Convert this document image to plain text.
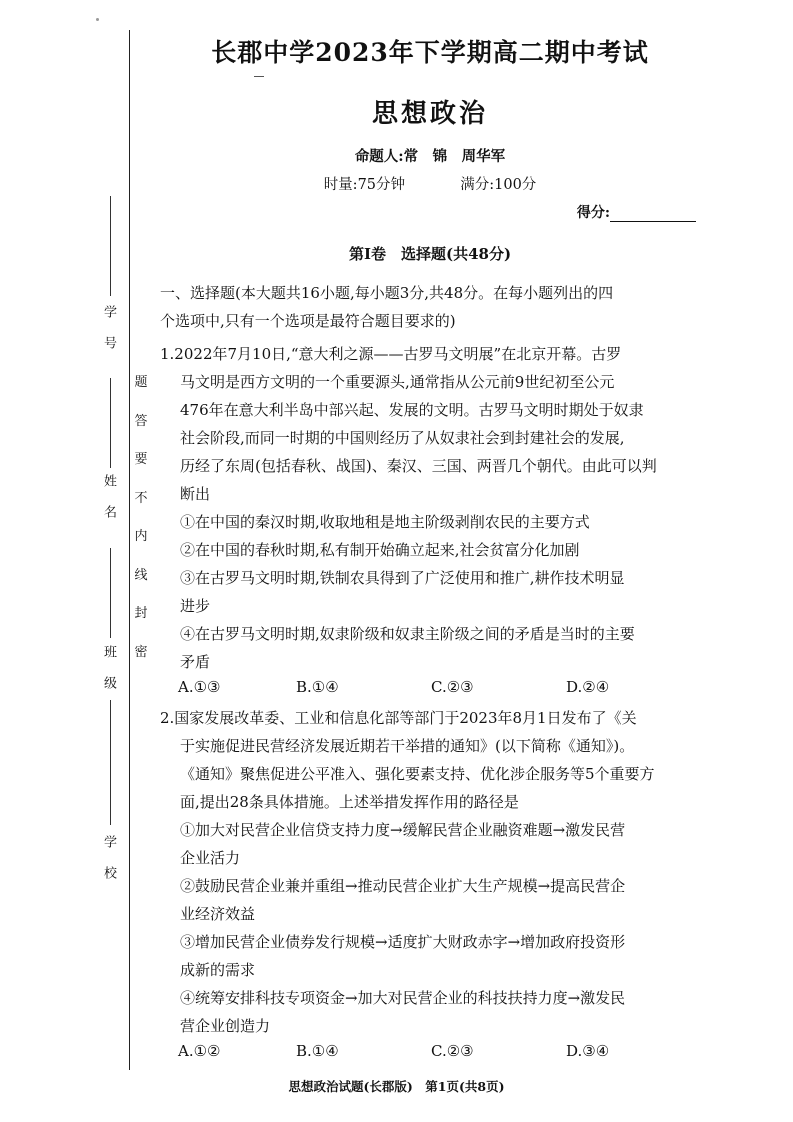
学号
姓名
班级
学校
题
答
要
不
内
线
封
密
长郡中学2023年下学期高二期中考试
思想政治
命题人:常　锦　周华军
时量:75分钟	满分:100分
得分:
第Ⅰ卷　选择题(共48分)

一、选择题(本大题共16小题,每小题3分,共48分。在每小题列出的四

个选项中,只有一个选项是最符合题目要求的)

1.2022年7月10日,“意大利之源——古罗马文明展”在北京开幕。古罗

马文明是西方文明的一个重要源头,通常指从公元前9世纪初至公元

476年在意大利半岛中部兴起、发展的文明。古罗马文明时期处于奴隶

社会阶段,而同一时期的中国则经历了从奴隶社会到封建社会的发展,

历经了东周(包括春秋、战国)、秦汉、三国、两晋几个朝代。由此可以判

断出

①在中国的秦汉时期,收取地租是地主阶级剥削农民的主要方式

②在中国的春秋时期,私有制开始确立起来,社会贫富分化加剧

③在古罗马文明时期,铁制农具得到了广泛使用和推广,耕作技术明显

进步

④在古罗马文明时期,奴隶阶级和奴隶主阶级之间的矛盾是当时的主要

矛盾

A.①③	B.①④	C.②③	D.②④

2.国家发展改革委、工业和信息化部等部门于2023年8月1日发布了《关

于实施促进民营经济发展近期若干举措的通知》(以下简称《通知》)。

《通知》聚焦促进公平准入、强化要素支持、优化涉企服务等5个重要方

面,提出28条具体措施。上述举措发挥作用的路径是

①加大对民营企业信贷支持力度→缓解民营企业融资难题→激发民营

企业活力

②鼓励民营企业兼并重组→推动民营企业扩大生产规模→提高民营企

业经济效益

③增加民营企业债券发行规模→适度扩大财政赤字→增加政府投资形

成新的需求

④统筹安排科技专项资金→加大对民营企业的科技扶持力度→激发民

营企业创造力

A.①②	B.①④	C.②③	D.③④
思想政治试题(长郡版)　第1页(共8页)
